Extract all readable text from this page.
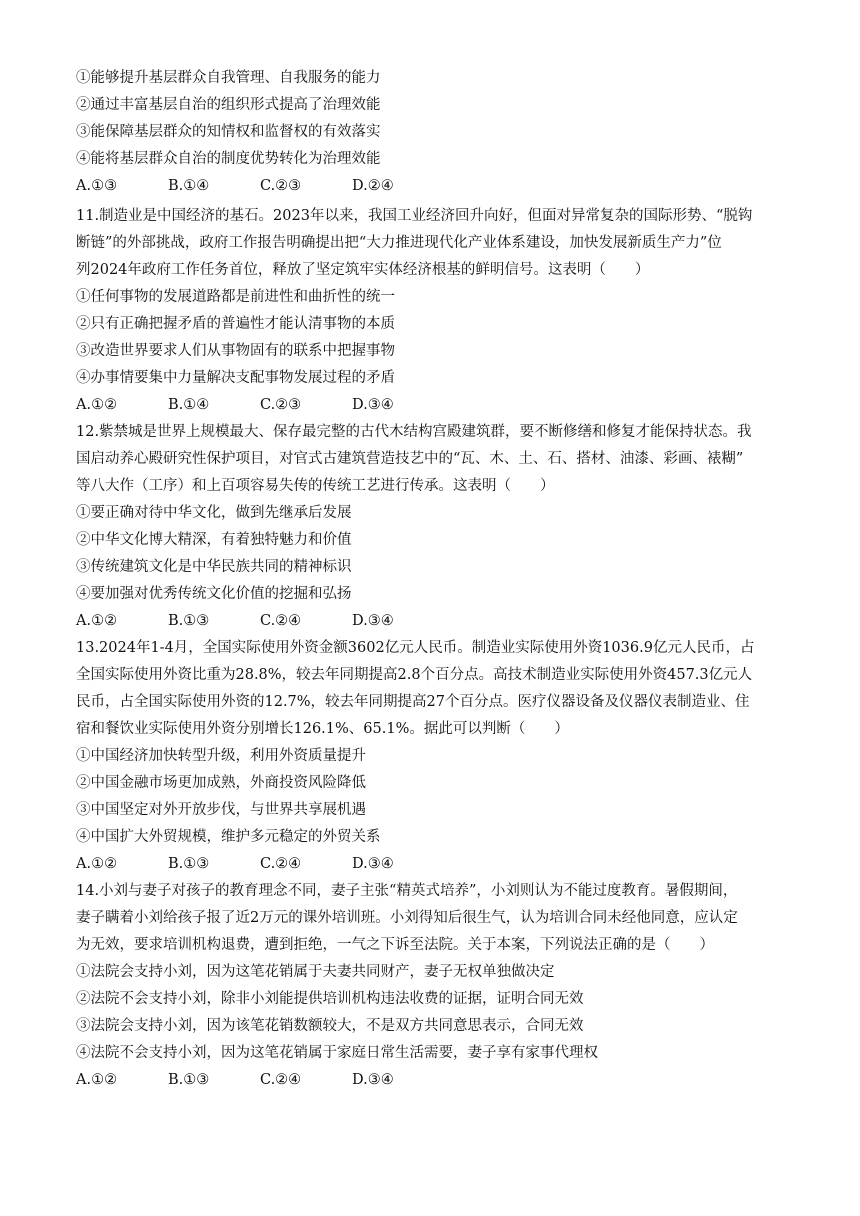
①能够提升基层群众自我管理、自我服务的能力
②通过丰富基层自治的组织形式提高了治理效能
③能保障基层群众的知情权和监督权的有效落实
④能将基层群众自治的制度优势转化为治理效能
A.①③	B.①④	C.②③	D.②④
11.制造业是中国经济的基石。2023年以来，我国工业经济回升向好，但面对异常复杂的国际形势、“脱钩
断链”的外部挑战，政府工作报告明确提出把“大力推进现代化产业体系建设，加快发展新质生产力”位
列2024年政府工作任务首位，释放了坚定筑牢实体经济根基的鲜明信号。这表明（　　）
①任何事物的发展道路都是前进性和曲折性的统一
②只有正确把握矛盾的普遍性才能认清事物的本质
③改造世界要求人们从事物固有的联系中把握事物
④办事情要集中力量解决支配事物发展过程的矛盾
A.①②	B.①④	C.②③	D.③④
12.紫禁城是世界上规模最大、保存最完整的古代木结构宫殿建筑群，要不断修缮和修复才能保持状态。我
国启动养心殿研究性保护项目，对官式古建筑营造技艺中的“瓦、木、土、石、搭材、油漆、彩画、裱糊”
等八大作（工序）和上百项容易失传的传统工艺进行传承。这表明（　　）
①要正确对待中华文化，做到先继承后发展
②中华文化博大精深，有着独特魅力和价值
③传统建筑文化是中华民族共同的精神标识
④要加强对优秀传统文化价值的挖掘和弘扬
A.①②	B.①③	C.②④	D.③④
13.2024年1-4月，全国实际使用外资金额3602亿元人民币。制造业实际使用外资1036.9亿元人民币，占
全国实际使用外资比重为28.8%，较去年同期提高2.8个百分点。高技术制造业实际使用外资457.3亿元人
民币，占全国实际使用外资的12.7%，较去年同期提高27个百分点。医疗仪器设备及仪器仪表制造业、住
宿和餐饮业实际使用外资分别增长126.1%、65.1%。据此可以判断（　　）
①中国经济加快转型升级，利用外资质量提升
②中国金融市场更加成熟，外商投资风险降低
③中国坚定对外开放步伐，与世界共享展机遇
④中国扩大外贸规模，维护多元稳定的外贸关系
A.①②	B.①③	C.②④	D.③④
14.小刘与妻子对孩子的教育理念不同，妻子主张“精英式培养”，小刘则认为不能过度教育。暑假期间，
妻子瞒着小刘给孩子报了近2万元的课外培训班。小刘得知后很生气，认为培训合同未经他同意，应认定
为无效，要求培训机构退费，遭到拒绝，一气之下诉至法院。关于本案，下列说法正确的是（　　）
①法院会支持小刘，因为这笔花销属于夫妻共同财产，妻子无权单独做决定
②法院不会支持小刘，除非小刘能提供培训机构违法收费的证据，证明合同无效
③法院会支持小刘，因为该笔花销数额较大，不是双方共同意思表示，合同无效
④法院不会支持小刘，因为这笔花销属于家庭日常生活需要，妻子享有家事代理权
A.①②	B.①③	C.②④	D.③④
